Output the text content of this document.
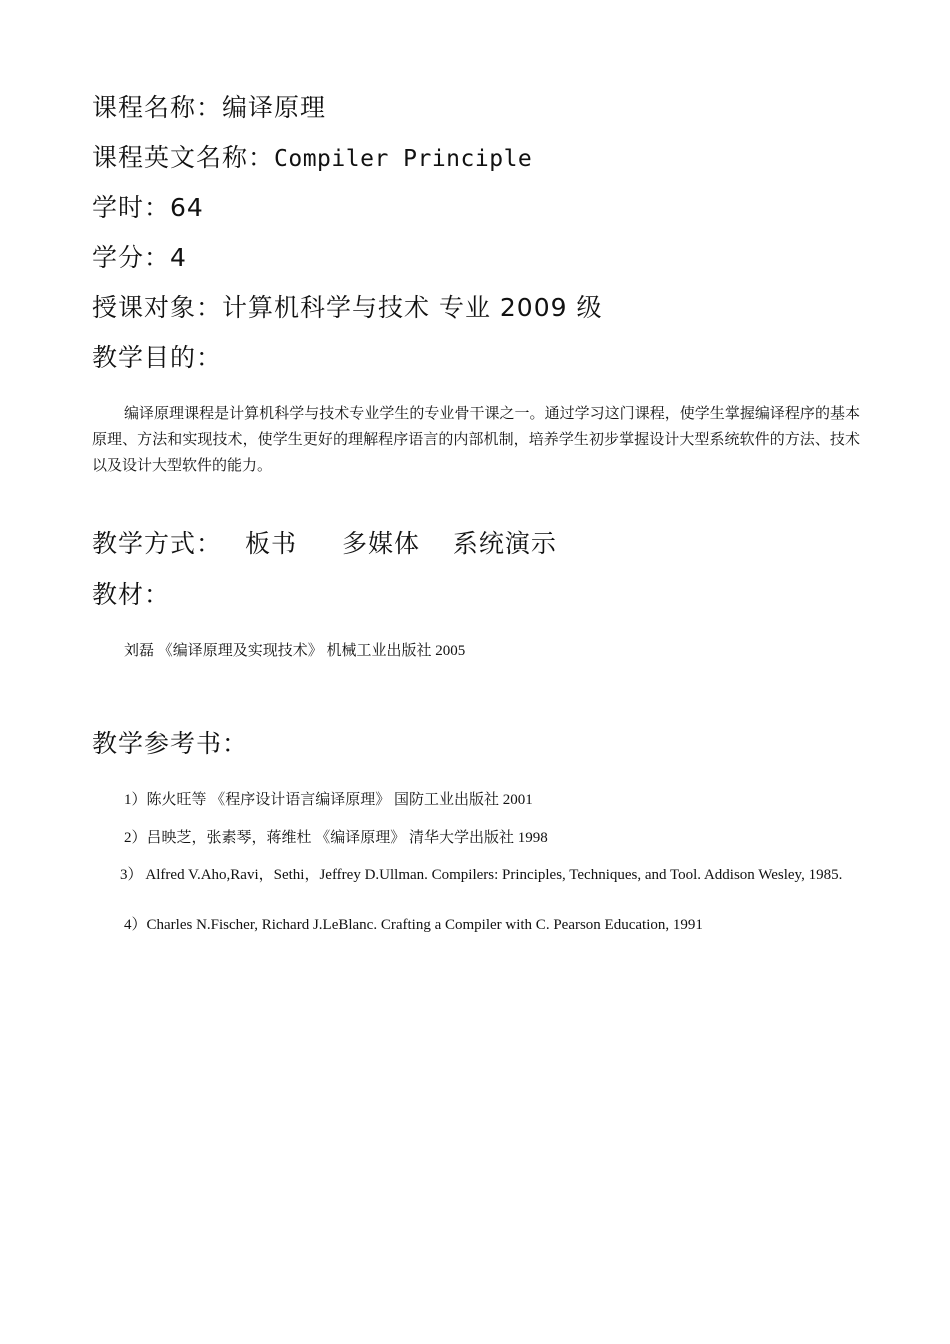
课程名称：编译原理
课程英文名称：Compiler Principle
学时：64
学分：4
授课对象：计算机科学与技术 专业 2009 级
教学目的：
编译原理课程是计算机科学与技术专业学生的专业骨干课之一。通过学习这门课程，使学生掌握编译程序的基本原理、方法和实现技术，使学生更好的理解程序语言的内部机制，培养学生初步掌握设计大型系统软件的方法、技术以及设计大型软件的能力。
教学方式： 板书 多媒体 系统演示
教材：
刘磊 《编译原理及实现技术》 机械工业出版社 2005
教学参考书：
1）陈火旺等 《程序设计语言编译原理》 国防工业出版社 2001
2）吕映芝，张素琴，蒋维杜 《编译原理》 清华大学出版社 1998
3） Alfred V.Aho,Ravi，Sethi，Jeffrey D.Ullman. Compilers: Principles, Techniques, and Tool. Addison Wesley, 1985.
4）Charles N.Fischer, Richard J.LeBlanc. Crafting a Compiler with C. Pearson Education, 1991
